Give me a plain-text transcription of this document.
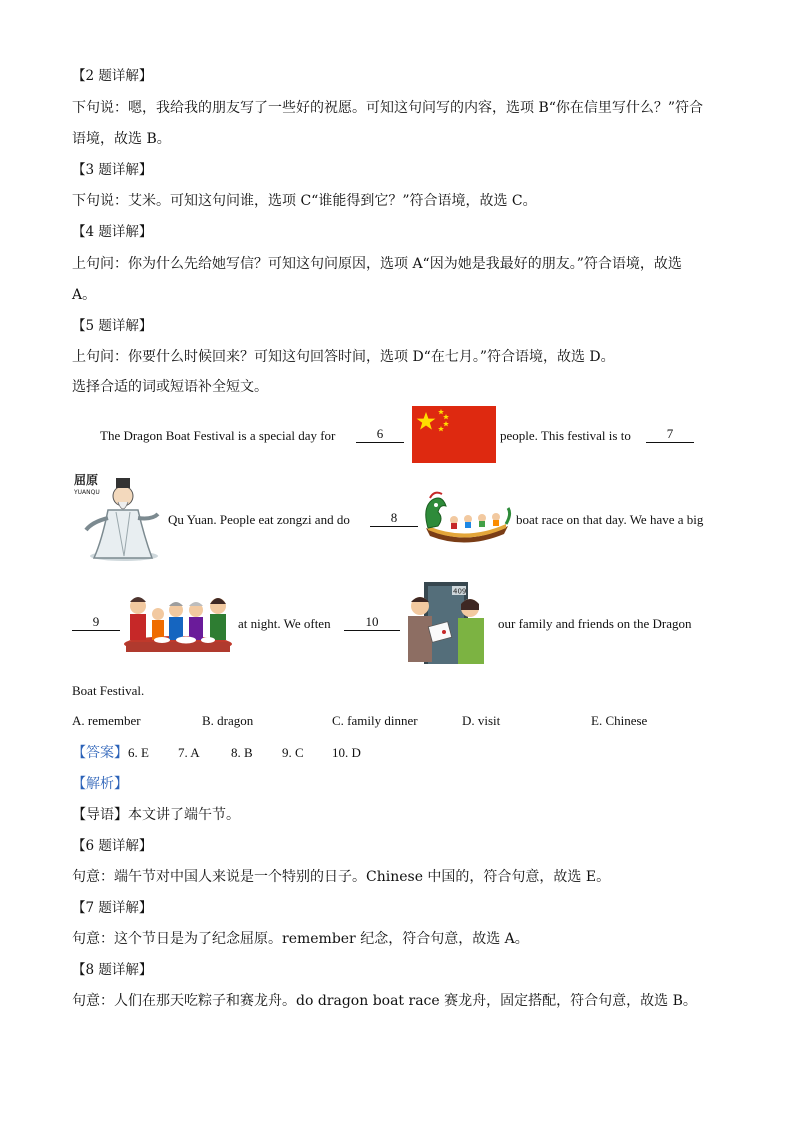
【2 题详解】
下句说：嗯，我给我的朋友写了一些好的祝愿。可知这句问写的内容，选项 B“你在信里写什么？”符合
语境，故选 B。
【3 题详解】
下句说：艾米。可知这句问谁，选项 C“谁能得到它？”符合语境，故选 C。
【4 题详解】
上句问：你为什么先给她写信？可知这句问原因，选项 A“因为她是我最好的朋友。”符合语境，故选
A。
【5 题详解】
上句问：你要什么时候回来？可知这句回答时间，选项 D“在七月。”符合语境，故选 D。
选择合适的词或短语补全短文。
The Dragon Boat Festival is a special day for	6	people. This festival is to	7
屈原
YUANQU
Qu Yuan. People eat zongzi and do	8	boat race on that day. We have a big
9	at night. We often	10
409
our family and friends on the Dragon
Boat Festival.
A. remember	B. dragon	C. family dinner	D. visit	E. Chinese
【答案】 6. E 7. A 8. B 9. C 10. D
【解析】
【导语】本文讲了端午节。
【6 题详解】
句意：端午节对中国人来说是一个特别的日子。Chinese 中国的，符合句意，故选 E。
【7 题详解】
句意：这个节日是为了纪念屈原。remember 纪念，符合句意，故选 A。
【8 题详解】
句意：人们在那天吃粽子和赛龙舟。do dragon boat race 赛龙舟，固定搭配，符合句意，故选 B。
